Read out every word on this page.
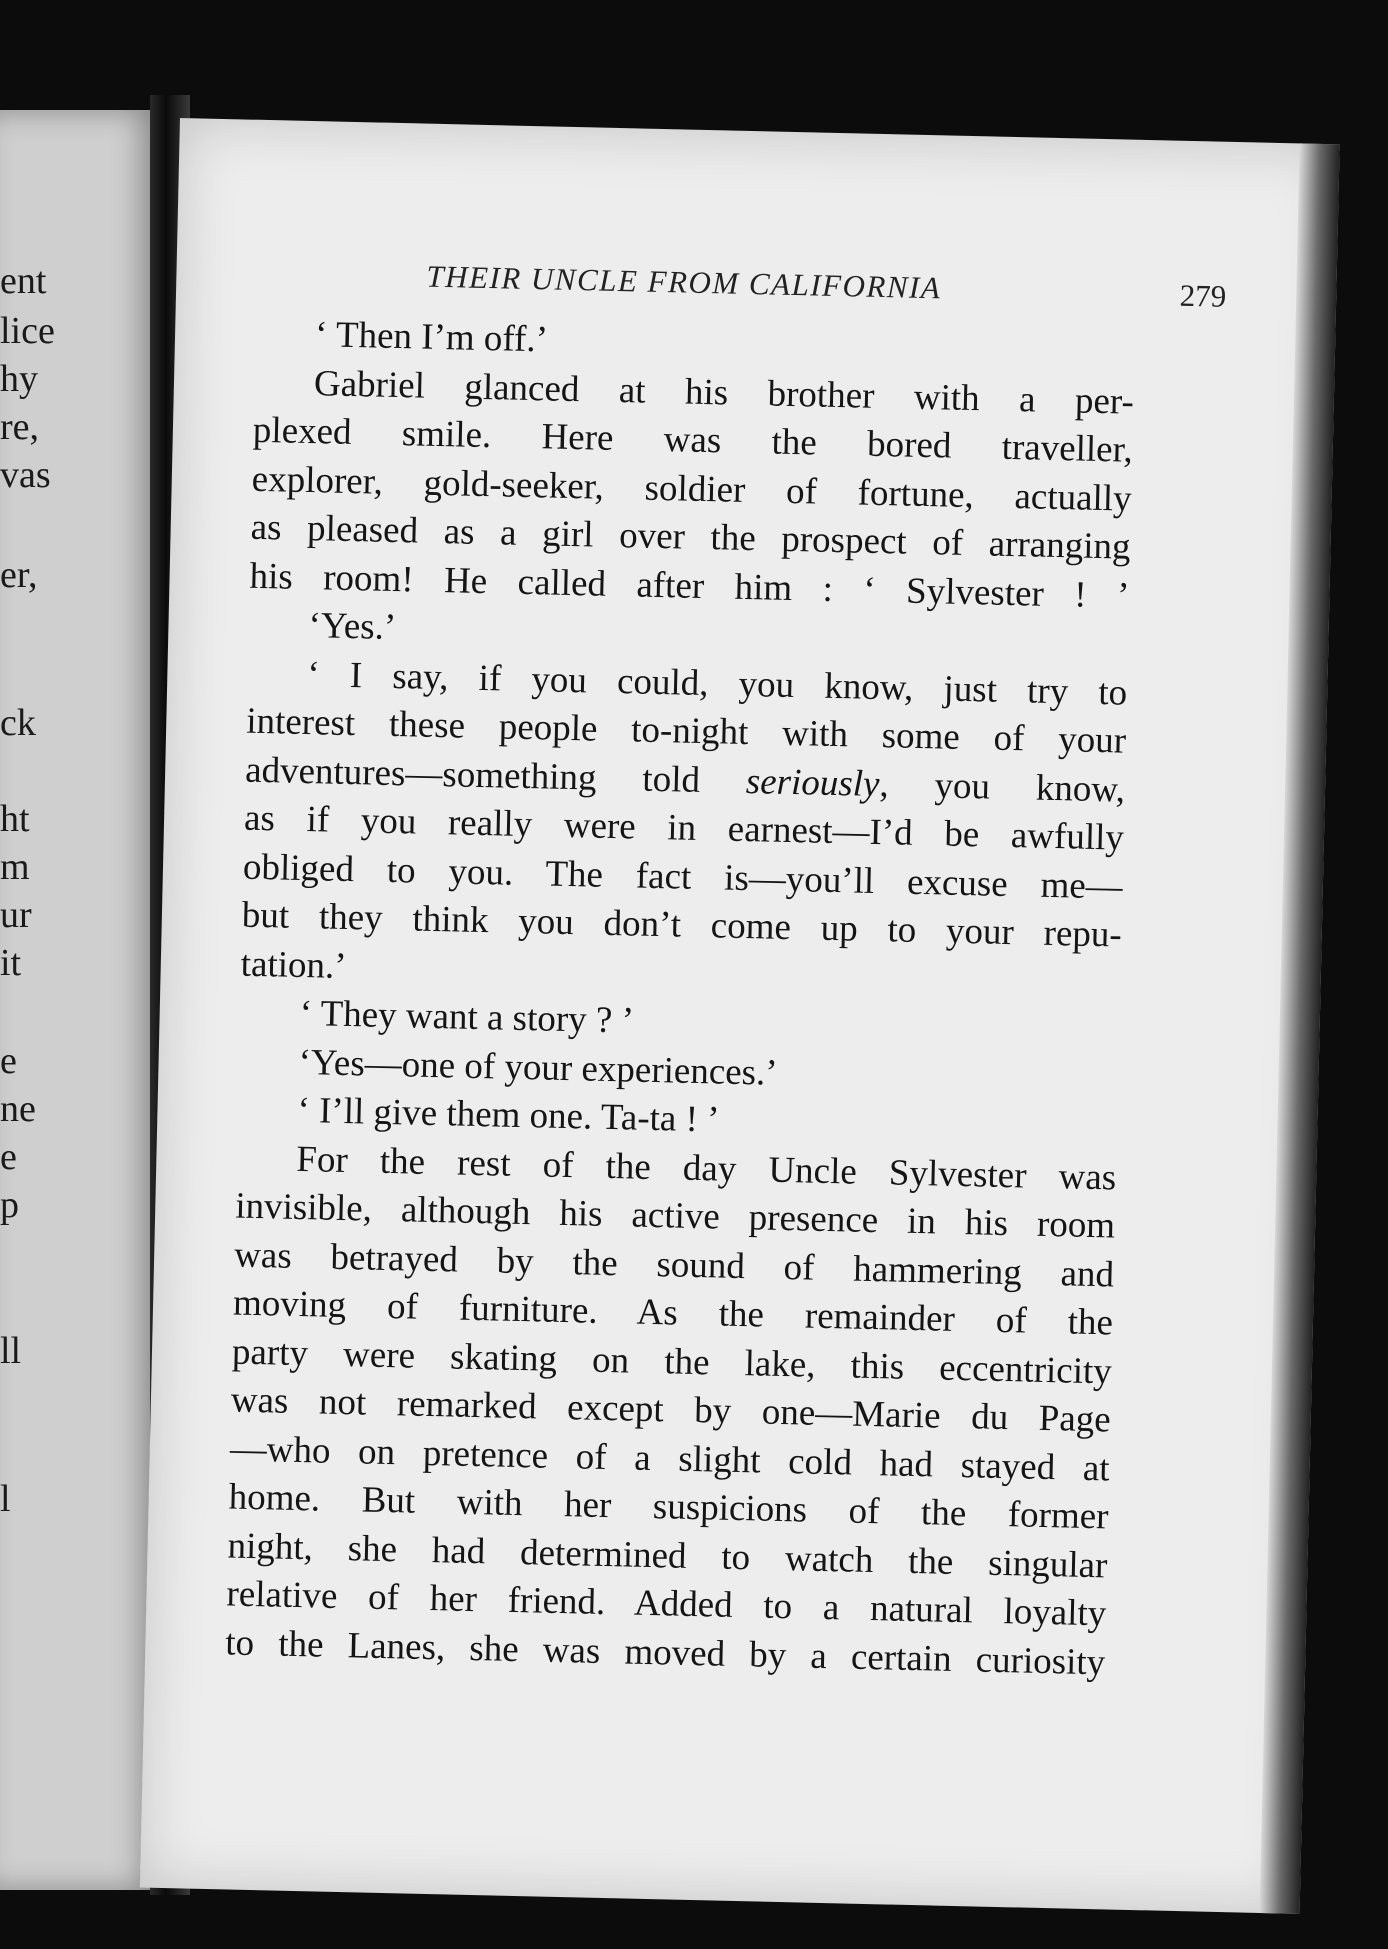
ent
lice
hy
re,
vas
er,
ck
ht
m
ur
it
e
ne
e
p
ll
l
THEIR UNCLE FROM CALIFORNIA	279
‘ Then I’m off.’
Gabriel glanced at his brother with a per-
plexed smile. Here was the bored traveller,
explorer, gold-seeker, soldier of fortune, actually
as pleased as a girl over the prospect of arranging
his room! He called after him : ‘ Sylvester ! ’
‘Yes.’
‘ I say, if you could, you know, just try to
interest these people to-night with some of your
adventures—something told seriously, you know,
as if you really were in earnest—I’d be awfully
obliged to you. The fact is—you’ll excuse me—
but they think you don’t come up to your repu-
tation.’
‘ They want a story ? ’
‘Yes—one of your experiences.’
‘ I’ll give them one. Ta-ta ! ’
For the rest of the day Uncle Sylvester was
invisible, although his active presence in his room
was betrayed by the sound of hammering and
moving of furniture. As the remainder of the
party were skating on the lake, this eccentricity
was not remarked except by one—Marie du Page
—who on pretence of a slight cold had stayed at
home. But with her suspicions of the former
night, she had determined to watch the singular
relative of her friend. Added to a natural loyalty
to the Lanes, she was moved by a certain curiosity
